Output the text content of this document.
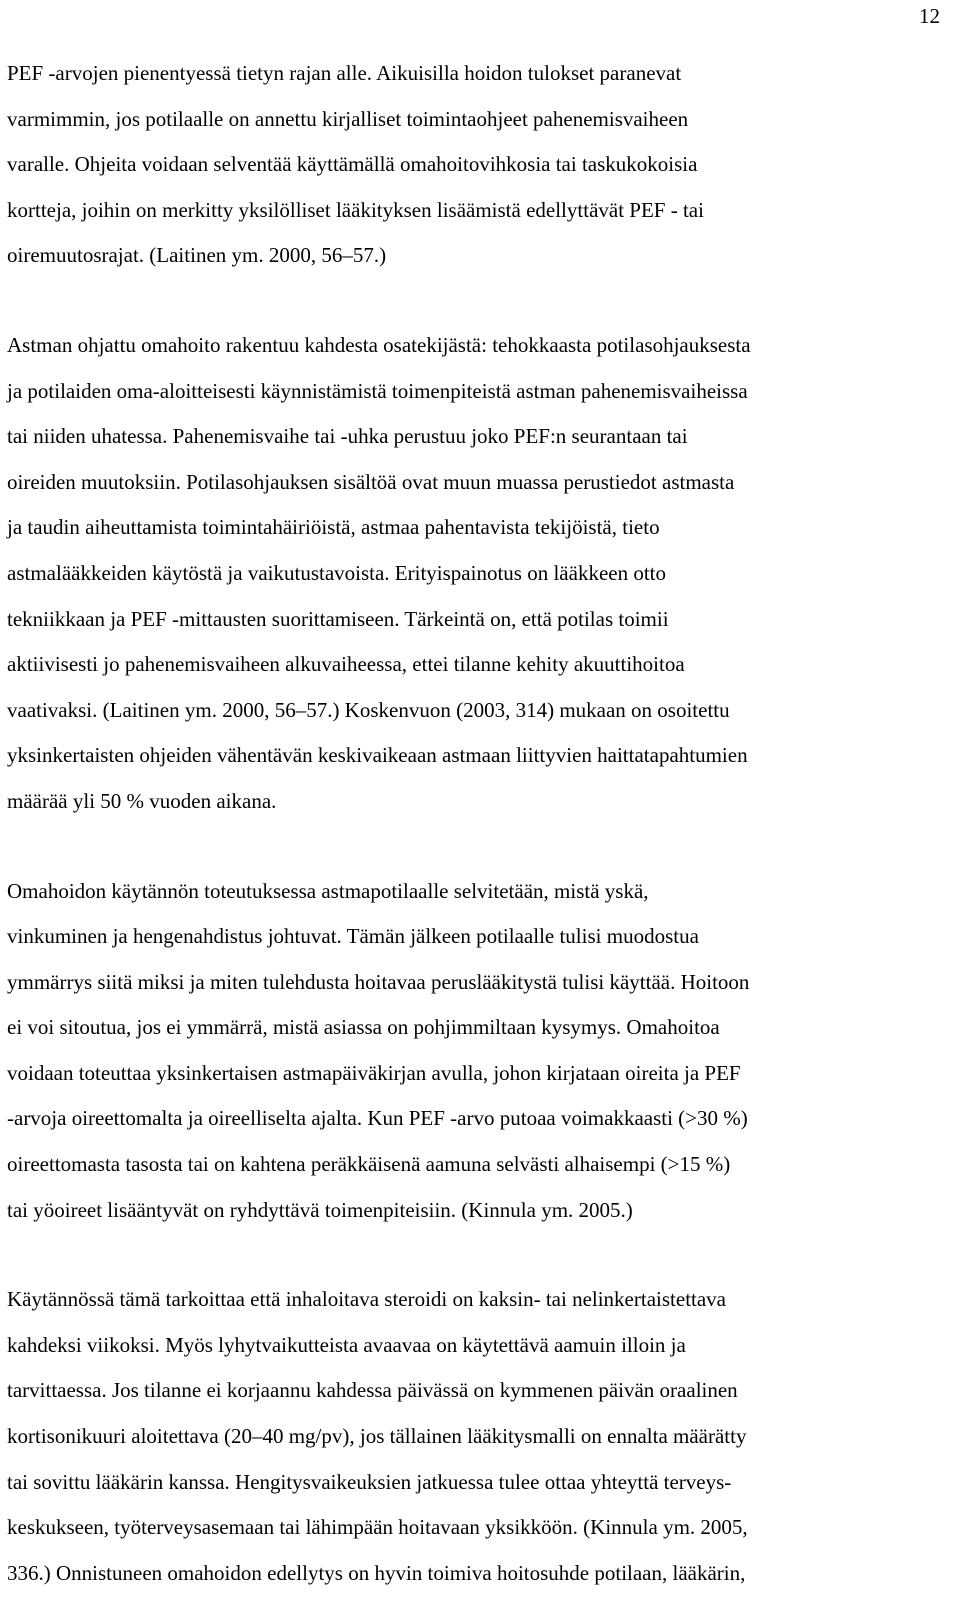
12

PEF -arvojen pienentyessä tietyn rajan alle. Aikuisilla hoidon tulokset paranevat
varmimmin, jos potilaalle on annettu kirjalliset toimintaohjeet pahenemisvaiheen
varalle. Ohjeita voidaan selventää käyttämällä omahoitovihkosia tai taskukokoisia
kortteja, joihin on merkitty yksilölliset lääkityksen lisäämistä edellyttävät PEF - tai
oiremuutosrajat. (Laitinen ym. 2000, 56–57.)

Astman ohjattu omahoito rakentuu kahdesta osatekijästä: tehokkaasta potilasohjauksesta
ja potilaiden oma-aloitteisesti käynnistämistä toimenpiteistä astman pahenemisvaiheissa
tai niiden uhatessa. Pahenemisvaihe tai -uhka perustuu joko PEF:n seurantaan tai
oireiden muutoksiin. Potilasohjauksen sisältöä ovat muun muassa perustiedot astmasta
ja taudin aiheuttamista toimintahäiriöistä, astmaa pahentavista tekijöistä, tieto
astmalääkkeiden käytöstä ja vaikutustavoista. Erityispainotus on lääkkeen otto
tekniikkaan ja PEF -mittausten suorittamiseen. Tärkeintä on, että potilas toimii
aktiivisesti jo pahenemisvaiheen alkuvaiheessa, ettei tilanne kehity akuuttihoitoa
vaativaksi. (Laitinen ym. 2000, 56–57.) Koskenvuon (2003, 314) mukaan on osoitettu
yksinkertaisten ohjeiden vähentävän keskivaikeaan astmaan liittyvien haittatapahtumien
määrää yli 50 % vuoden aikana.

Omahoidon käytännön toteutuksessa astmapotilaalle selvitetään, mistä yskä,
vinkuminen ja hengenahdistus johtuvat. Tämän jälkeen potilaalle tulisi muodostua
ymmärrys siitä miksi ja miten tulehdusta hoitavaa peruslääkitystä tulisi käyttää. Hoitoon
ei voi sitoutua, jos ei ymmärrä, mistä asiassa on pohjimmiltaan kysymys. Omahoitoa
voidaan toteuttaa yksinkertaisen astmapäiväkirjan avulla, johon kirjataan oireita ja PEF
-arvoja oireettomalta ja oireelliselta ajalta. Kun PEF -arvo putoaa voimakkaasti (>30 %)
oireettomasta tasosta tai on kahtena peräkkäisenä aamuna selvästi alhaisempi (>15 %)
tai yöoireet lisääntyvät on ryhdyttävä toimenpiteisiin. (Kinnula ym. 2005.)

Käytännössä tämä tarkoittaa että inhaloitava steroidi on kaksin- tai nelinkertaistettava
kahdeksi viikoksi. Myös lyhytvaikutteista avaavaa on käytettävä aamuin illoin ja
tarvittaessa. Jos tilanne ei korjaannu kahdessa päivässä on kymmenen päivän oraalinen
kortisonikuuri aloitettava (20–40 mg/pv), jos tällainen lääkitysmalli on ennalta määrätty
tai sovittu lääkärin kanssa. Hengitysvaikeuksien jatkuessa tulee ottaa yhteyttä terveys-
keskukseen, työterveysasemaan tai lähimpään hoitavaan yksikköön. (Kinnula ym. 2005,
336.) Onnistuneen omahoidon edellytys on hyvin toimiva hoitosuhde potilaan, lääkärin,
